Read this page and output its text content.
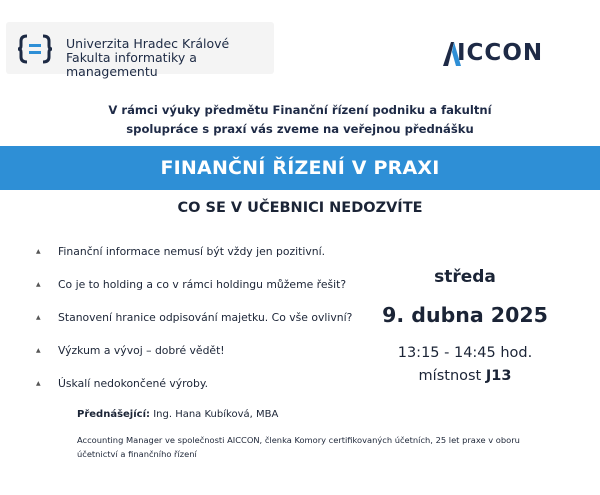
Univerzita Hradec Králové
Fakulta informatiky a managementu
ICCON
V rámci výuky předmětu Finanční řízení podniku a fakultní
spolupráce s praxí vás zveme na veřejnou přednášku
FINANČNÍ ŘÍZENÍ V PRAXI
CO SE V UČEBNICI NEDOZVÍTE
▲ Finanční informace nemusí být vždy jen pozitivní.
▲ Co je to holding a co v rámci holdingu můžeme řešit?
▲ Stanovení hranice odpisování majetku. Co vše ovlivní?
▲ Výzkum a vývoj – dobré vědět!
▲ Úskalí nedokončené výroby.
středa
9. dubna 2025
13:15 - 14:45 hod.
místnost J13
Přednášející: Ing. Hana Kubíková, MBA
Accounting Manager ve společnosti AICCON, členka Komory certifikovaných účetních, 25 let praxe v oboru
účetnictví a finančního řízení
